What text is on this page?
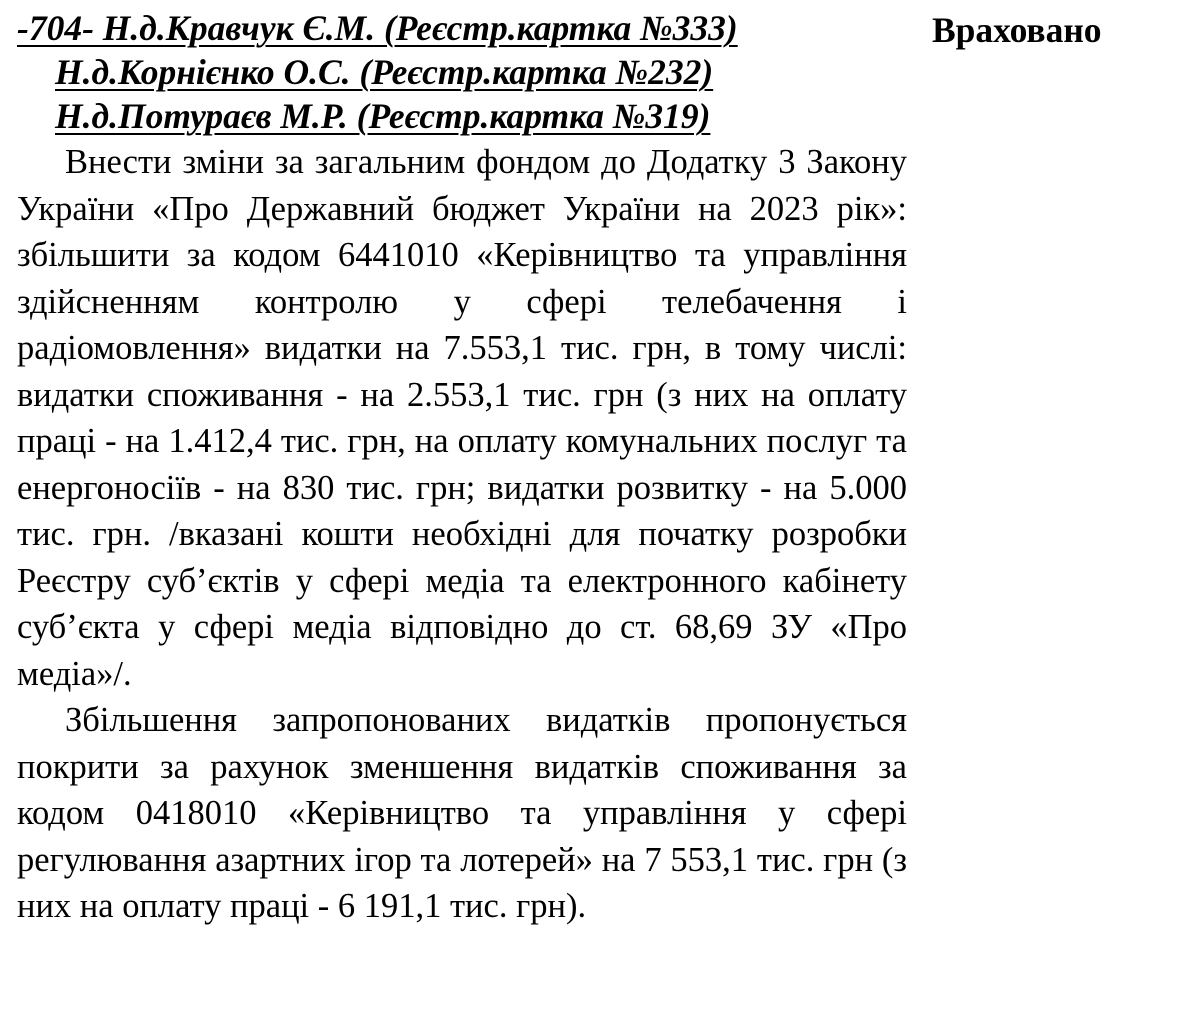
-704- Н.д.Кравчук Є.М. (Реєстр.картка №333)
Н.д.Корнієнко О.С. (Реєстр.картка №232)
Н.д.Потураєв М.Р. (Реєстр.картка №319)

Внести зміни за загальним фондом до Додатку 3 Закону України «Про Державний бюджет України на 2023 рік»: збільшити за кодом 6441010 «Керівництво та управління здійсненням контролю у сфері телебачення і радіомовлення» видатки на 7.553,1 тис. грн, в тому числі: видатки споживання - на 2.553,1 тис. грн (з них на оплату праці - на 1.412,4 тис. грн, на оплату комунальних послуг та енергоносіїв - на 830 тис. грн; видатки розвитку - на 5.000 тис. грн. /вказані кошти необхідні для початку розробки Реєстру суб’єктів у сфері медіа та електронного кабінету суб’єкта у сфері медіа відповідно до ст. 68,69 ЗУ «Про медіа»/.

Збільшення запропонованих видатків пропонується покрити за рахунок зменшення видатків споживання за кодом 0418010 «Керівництво та управління у сфері регулювання азартних ігор та лотерей» на 7 553,1 тис. грн (з них на оплату праці - 6 191,1 тис. грн).

Враховано
